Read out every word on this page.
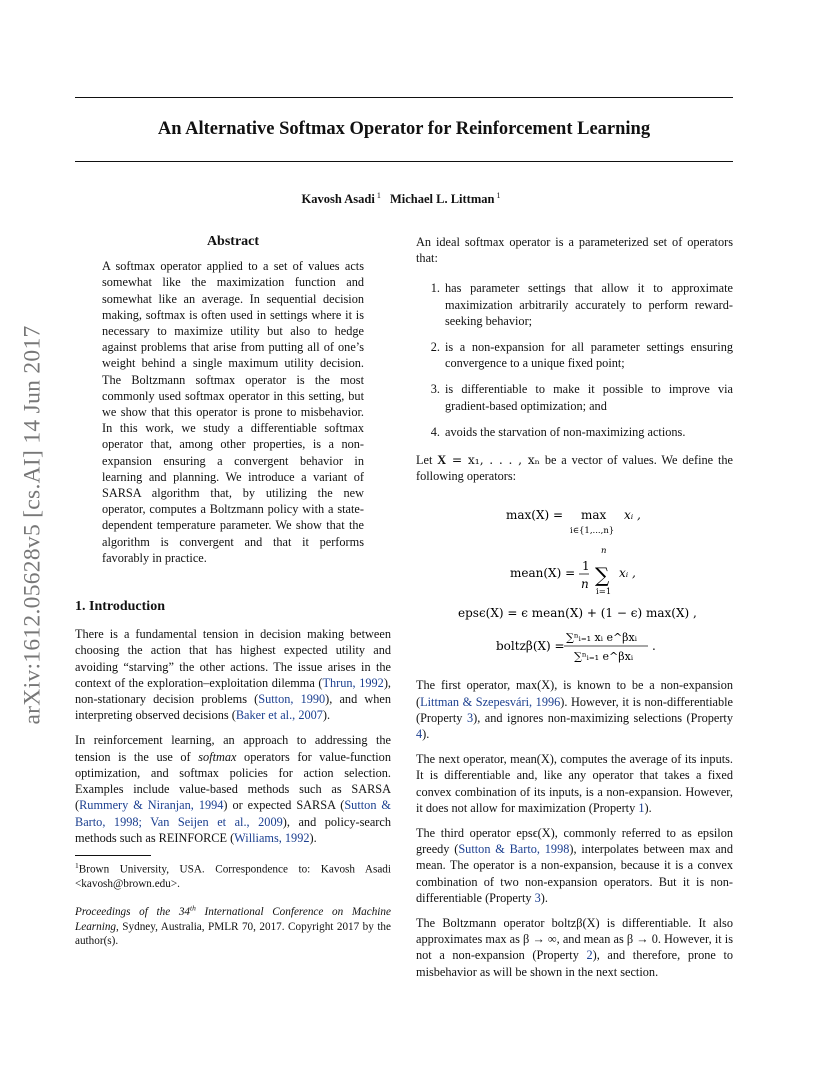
An Alternative Softmax Operator for Reinforcement Learning
Kavosh Asadi $^1$ Michael L. Littman $^1$
arXiv:1612.05628v5 [cs.AI] 14 Jun 2017
Abstract

A softmax operator applied to a set of values acts somewhat like the maximization function and somewhat like an average. In sequential decision making, softmax is often used in settings where it is necessary to maximize utility but also to hedge against problems that arise from putting all of one’s weight behind a single maximum utility decision. The Boltzmann softmax operator is the most commonly used softmax operator in this setting, but we show that this operator is prone to misbehavior. In this work, we study a differentiable softmax operator that, among other properties, is a non-expansion ensuring a convergent behavior in learning and planning. We introduce a variant of SARSA algorithm that, by utilizing the new operator, computes a Boltzmann policy with a state-dependent temperature parameter. We show that the algorithm is convergent and that it performs favorably in practice.

1. Introduction

There is a fundamental tension in decision making between choosing the action that has highest expected utility and avoiding “starving” the other actions. The issue arises in the context of the exploration–exploitation dilemma (Thrun, 1992), non-stationary decision problems (Sutton, 1990), and when interpreting observed decisions (Baker et al., 2007).

In reinforcement learning, an approach to addressing the tension is the use of softmax operators for value-function optimization, and softmax policies for action selection. Examples include value-based methods such as SARSA (Rummery & Niranjan, 1994) or expected SARSA (Sutton & Barto, 1998; Van Seijen et al., 2009), and policy-search methods such as REINFORCE (Williams, 1992).

$^1$Brown University, USA. Correspondence to: Kavosh Asadi <kavosh@brown.edu>.

Proceedings of the 34th International Conference on Machine Learning, Sydney, Australia, PMLR 70, 2017. Copyright 2017 by the author(s).

An ideal softmax operator is a parameterized set of operators that:

1. has parameter settings that allow it to approximate maximization arbitrarily accurately to perform reward-seeking behavior;
2. is a non-expansion for all parameter settings ensuring convergence to a unique fixed point;
3. is differentiable to make it possible to improve via gradient-based optimization; and
4. avoids the starvation of non-maximizing actions.

Let X = x₁, . . . , xₙ be a vector of values. We define the following operators:

max(X) = max
i∈{1,...,n}
xᵢ ,
mean(X) = 1
n
n
∑
i=1
xᵢ ,
epsϵ(X) = ϵ mean(X) + (1 − ϵ) max(X) ,
boltzβ(X) =
∑ⁿᵢ₌₁ xᵢ e^βxᵢ
∑ⁿᵢ₌₁ e^βxᵢ
.

The first operator, max(X), is known to be a non-expansion (Littman & Szepesvári, 1996). However, it is non-differentiable (Property 3), and ignores non-maximizing selections (Property 4).

The next operator, mean(X), computes the average of its inputs. It is differentiable and, like any operator that takes a fixed convex combination of its inputs, is a non-expansion. However, it does not allow for maximization (Property 1).

The third operator epsϵ(X), commonly referred to as epsilon greedy (Sutton & Barto, 1998), interpolates between max and mean. The operator is a non-expansion, because it is a convex combination of two non-expansion operators. But it is non-differentiable (Property 3).

The Boltzmann operator boltzβ(X) is differentiable. It also approximates max as β → ∞, and mean as β → 0. However, it is not a non-expansion (Property 2), and therefore, prone to misbehavior as will be shown in the next section.
